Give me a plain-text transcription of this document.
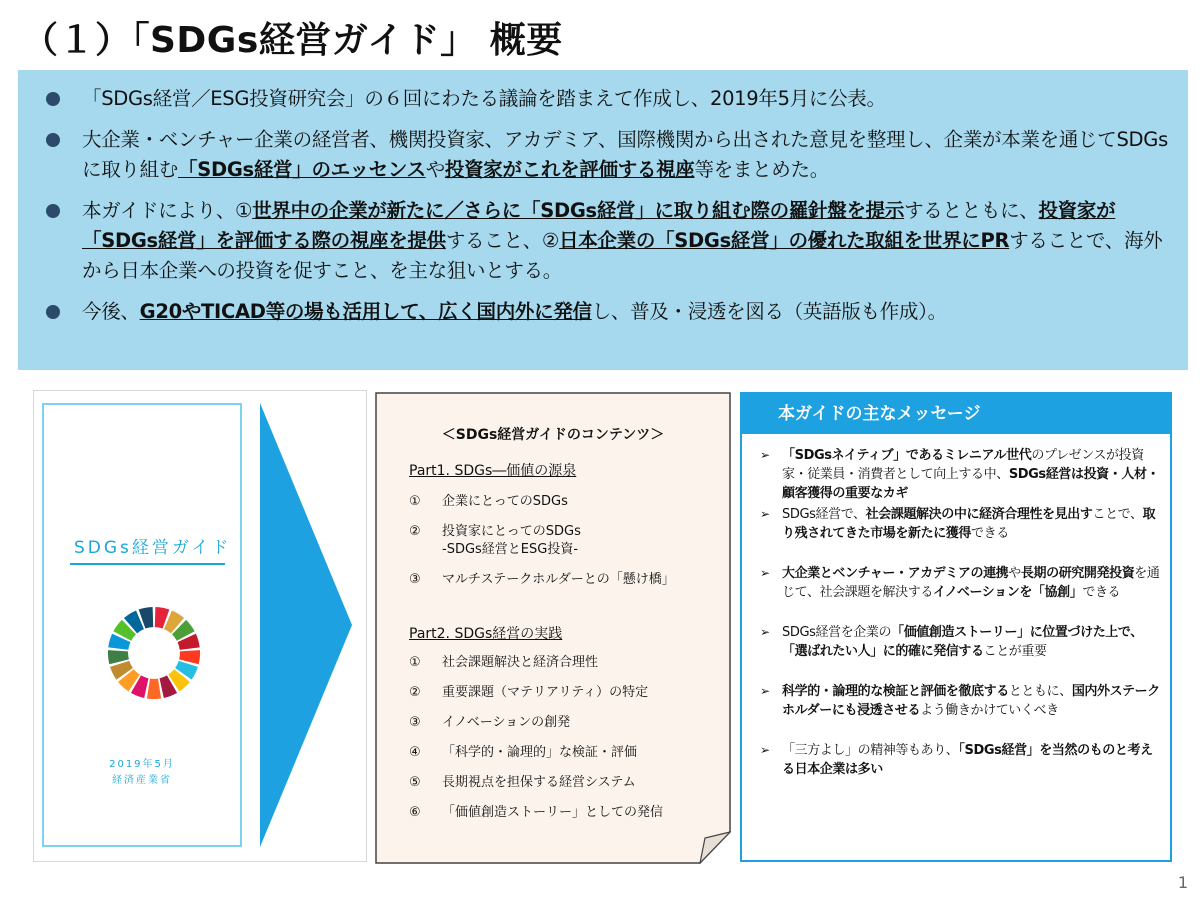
（１）「SDGs経営ガイド」 概要
「SDGs経営／ESG投資研究会」の６回にわたる議論を踏まえて作成し、2019年5月に公表。
大企業・ベンチャー企業の経営者、機関投資家、アカデミア、国際機関から出された意見を整理し、企業が本業を通じてSDGsに取り組む「SDGs経営」のエッセンスや投資家がこれを評価する視座等をまとめた。
本ガイドにより、①世界中の企業が新たに／さらに「SDGs経営」に取り組む際の羅針盤を提示するとともに、投資家が「SDGs経営」を評価する際の視座を提供すること、②日本企業の「SDGs経営」の優れた取組を世界にPRすることで、海外から日本企業への投資を促すこと、を主な狙いとする。
今後、G20やTICAD等の場も活用して、広く国内外に発信し、普及・浸透を図る（英語版も作成）。
SDGs経営ガイド
2019年5月
経済産業省
＜SDGs経営ガイドのコンテンツ＞
Part1. SDGs―価値の源泉
① 企業にとってのSDGs
② 投資家にとってのSDGs
-SDGs経営とESG投資-
③ マルチステークホルダーとの「懸け橋」
Part2. SDGs経営の実践
① 社会課題解決と経済合理性
② 重要課題（マテリアリティ）の特定
③ イノベーションの創発
④ 「科学的・論理的」な検証・評価
⑤ 長期視点を担保する経営システム
⑥ 「価値創造ストーリー」としての発信
本ガイドの主なメッセージ
➢ 「SDGsネイティブ」であるミレニアル世代のプレゼンスが投資家・従業員・消費者として向上する中、SDGs経営は投資・人材・顧客獲得の重要なカギ
➢ SDGs経営で、社会課題解決の中に経済合理性を見出すことで、取り残されてきた市場を新たに獲得できる
➢ 大企業とベンチャー・アカデミアの連携や長期の研究開発投資を通じて、社会課題を解決するイノベーションを「協創」できる
➢ SDGs経営を企業の「価値創造ストーリー」に位置づけた上で、「選ばれたい人」に的確に発信することが重要
➢ 科学的・論理的な検証と評価を徹底するとともに、国内外ステークホルダーにも浸透させるよう働きかけていくべき
➢ 「三方よし」の精神等もあり、「SDGs経営」を当然のものと考える日本企業は多い
1
